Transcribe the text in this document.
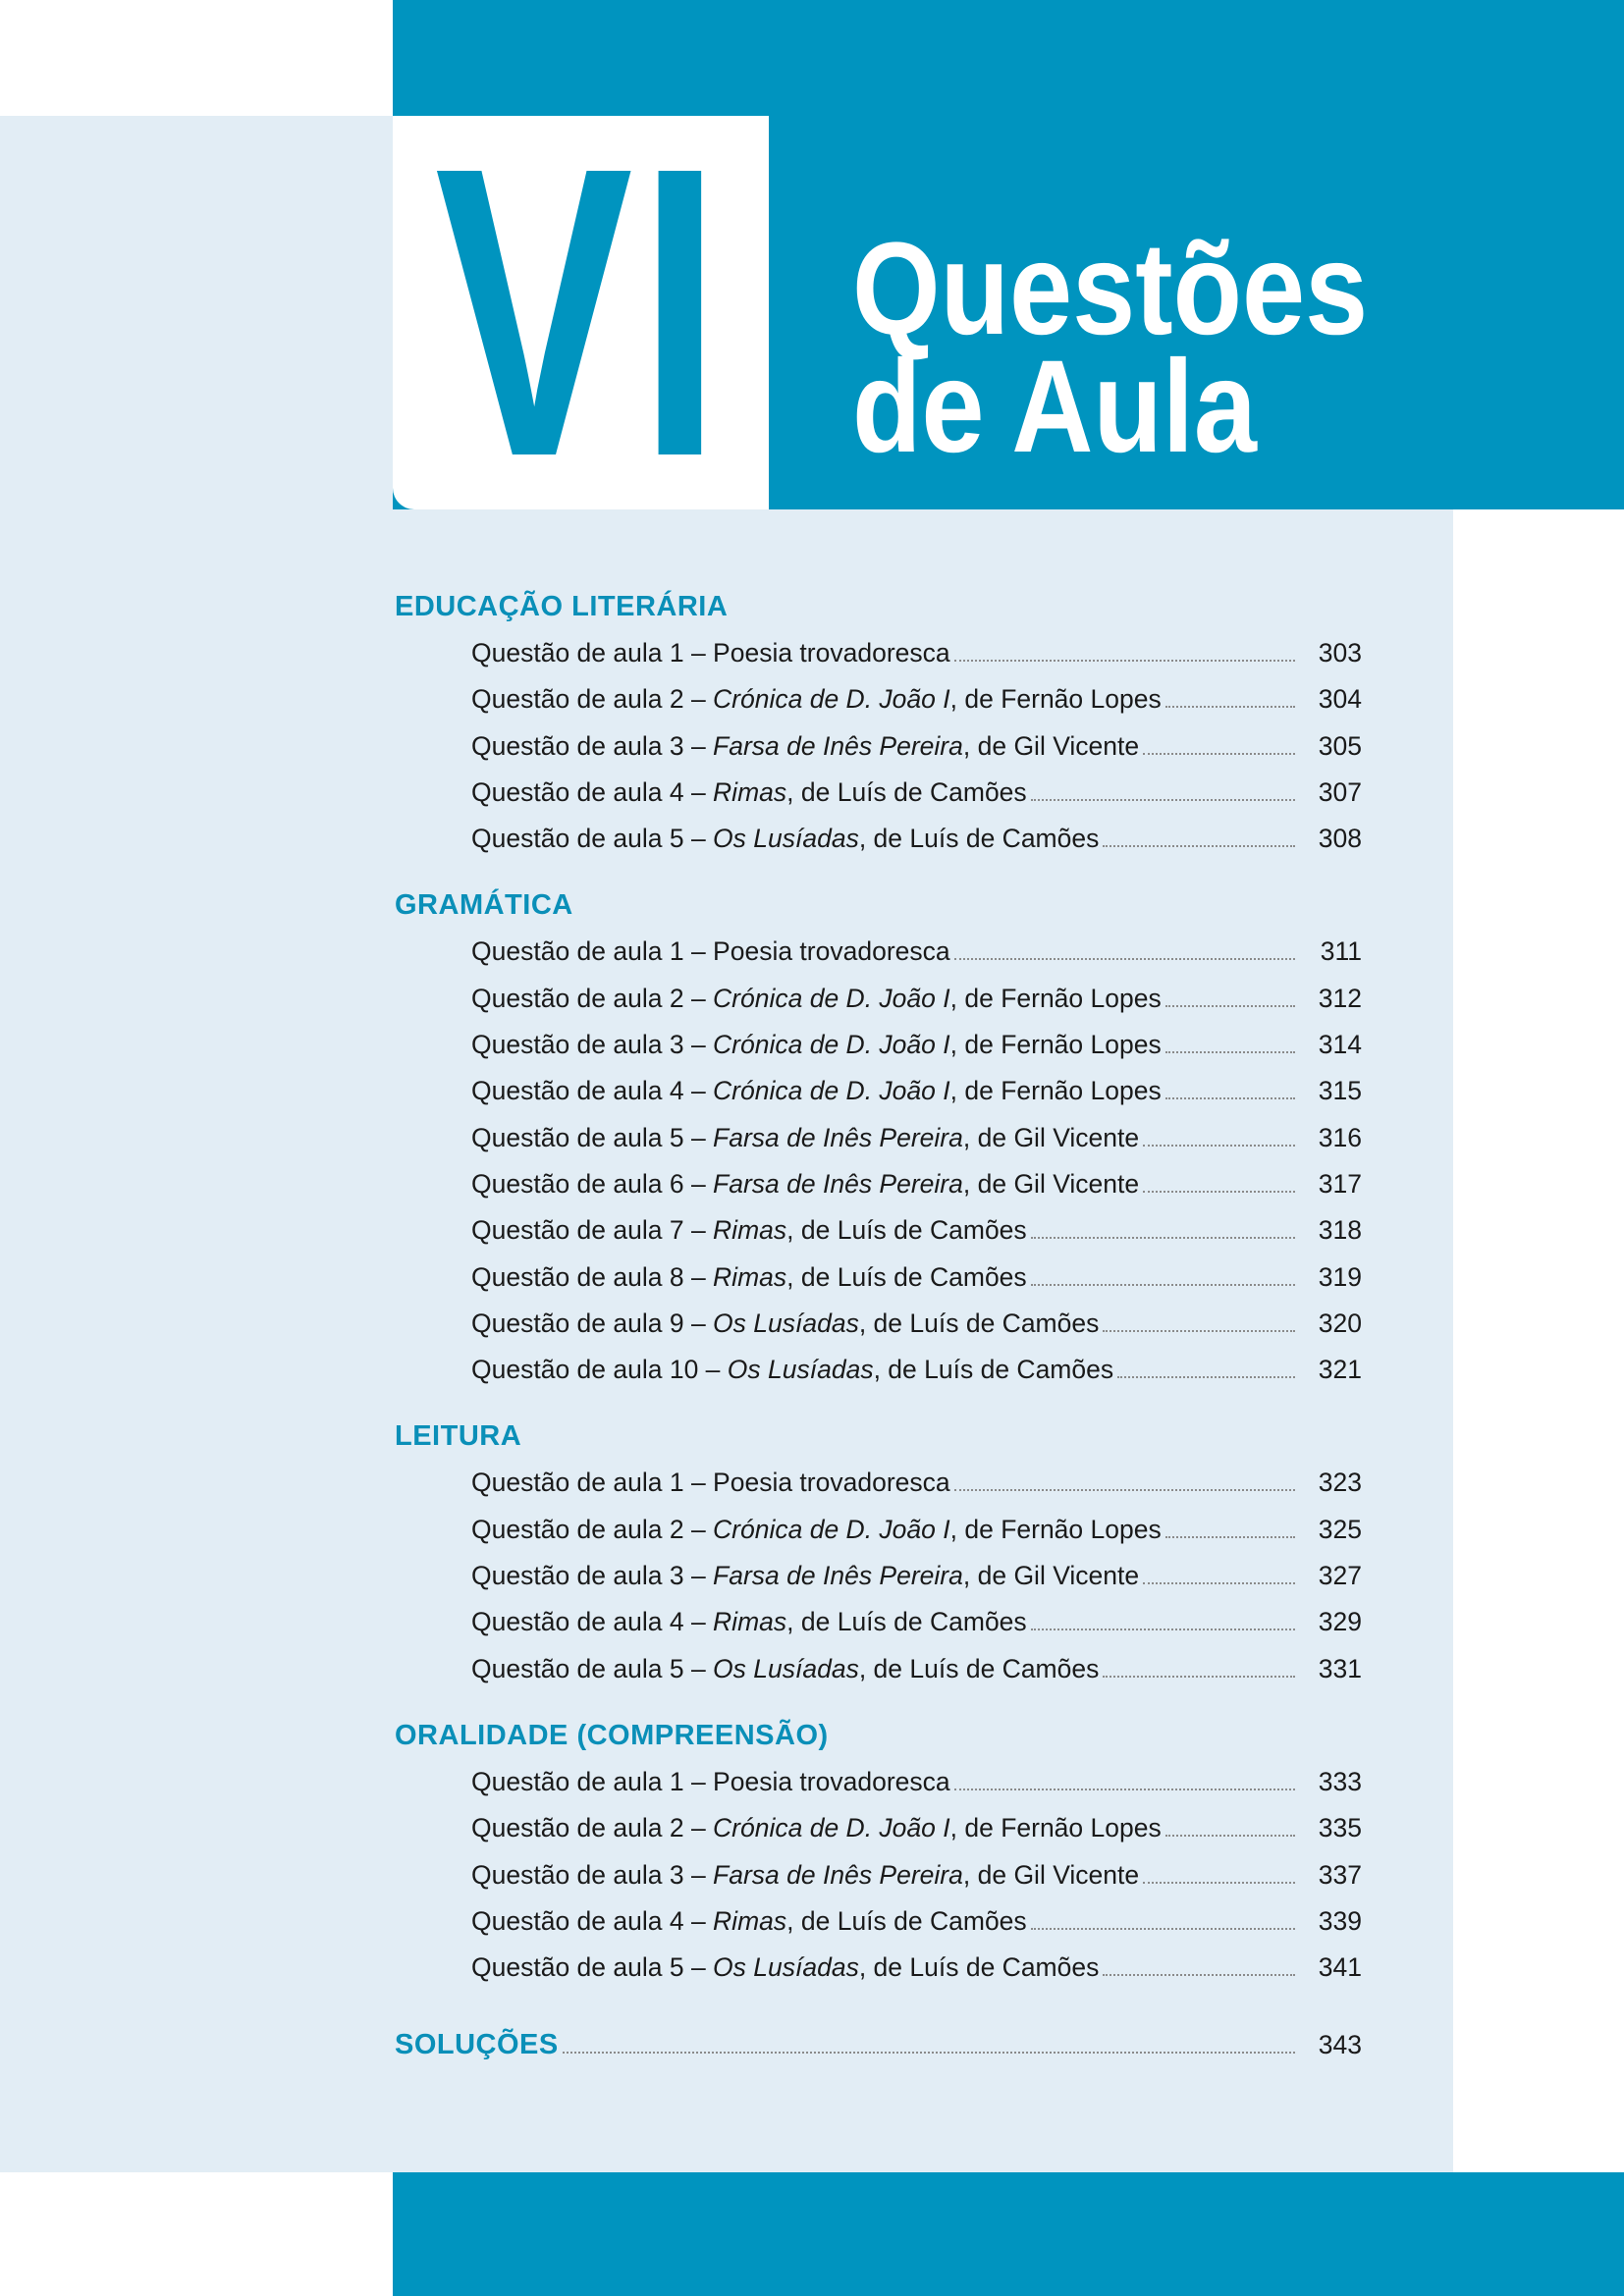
VI Questões
de Aula
EDUCAÇÃO LITERÁRIA
Questão de aula 1 – Poesia trovadoresca	303
Questão de aula 2 – Crónica de D. João I, de Fernão Lopes	304
Questão de aula 3 – Farsa de Inês Pereira, de Gil Vicente	305
Questão de aula 4 – Rimas, de Luís de Camões	307
Questão de aula 5 – Os Lusíadas, de Luís de Camões	308
GRAMÁTICA
Questão de aula 1 – Poesia trovadoresca	311
Questão de aula 2 – Crónica de D. João I, de Fernão Lopes	312
Questão de aula 3 – Crónica de D. João I, de Fernão Lopes	314
Questão de aula 4 – Crónica de D. João I, de Fernão Lopes	315
Questão de aula 5 – Farsa de Inês Pereira, de Gil Vicente	316
Questão de aula 6 – Farsa de Inês Pereira, de Gil Vicente	317
Questão de aula 7 – Rimas, de Luís de Camões	318
Questão de aula 8 – Rimas, de Luís de Camões	319
Questão de aula 9 – Os Lusíadas, de Luís de Camões	320
Questão de aula 10 – Os Lusíadas, de Luís de Camões	321
LEITURA
Questão de aula 1 – Poesia trovadoresca	323
Questão de aula 2 – Crónica de D. João I, de Fernão Lopes	325
Questão de aula 3 – Farsa de Inês Pereira, de Gil Vicente	327
Questão de aula 4 – Rimas, de Luís de Camões	329
Questão de aula 5 – Os Lusíadas, de Luís de Camões	331
ORALIDADE (COMPREENSÃO)
Questão de aula 1 – Poesia trovadoresca	333
Questão de aula 2 – Crónica de D. João I, de Fernão Lopes	335
Questão de aula 3 – Farsa de Inês Pereira, de Gil Vicente	337
Questão de aula 4 – Rimas, de Luís de Camões	339
Questão de aula 5 – Os Lusíadas, de Luís de Camões	341
SOLUÇÕES	343
